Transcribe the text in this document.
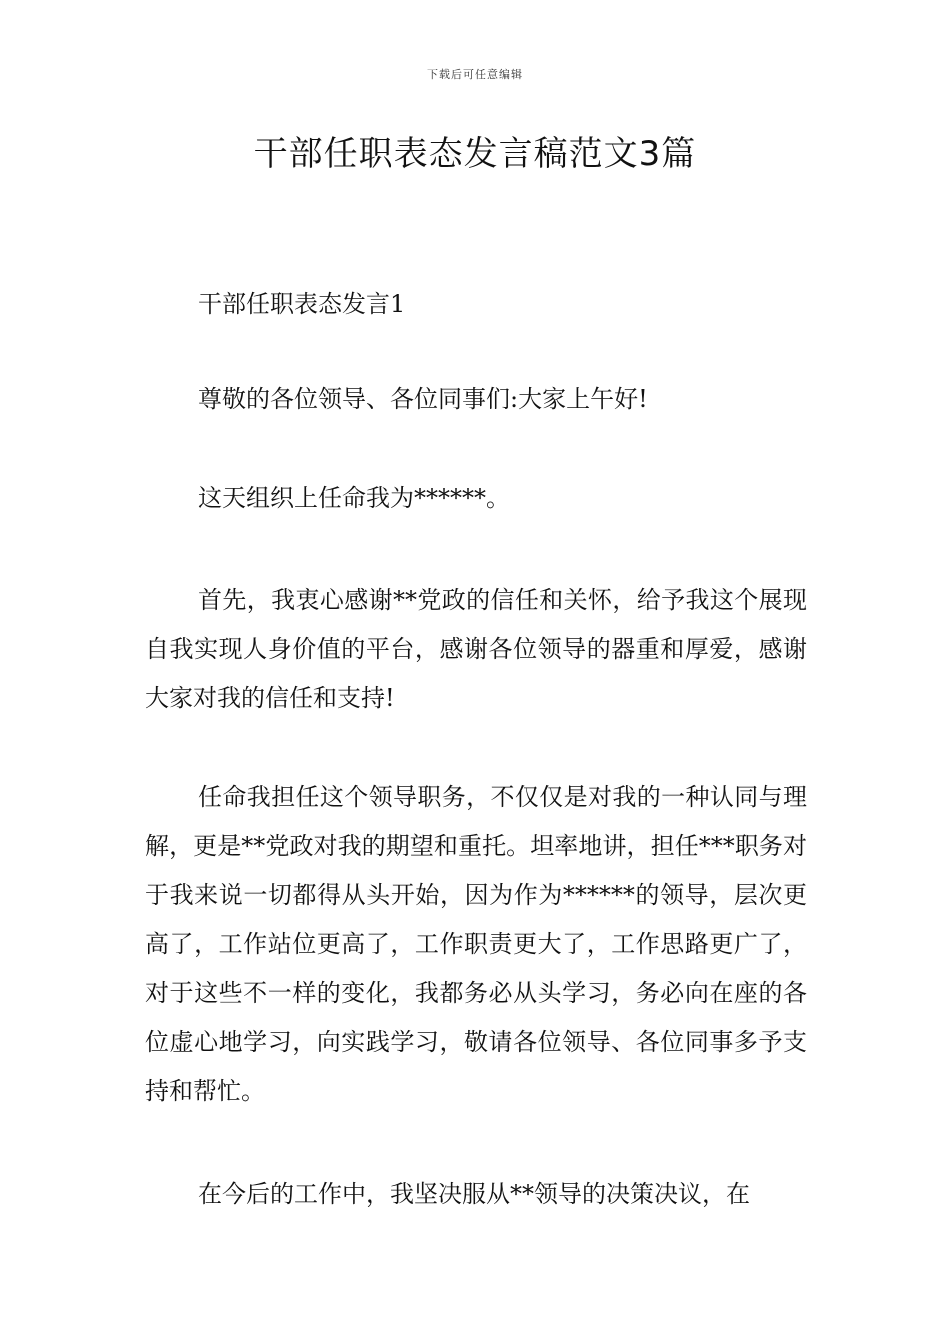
下载后可任意编辑
干部任职表态发言稿范文3篇

干部任职表态发言1

尊敬的各位领导、各位同事们:大家上午好!

这天组织上任命我为******。

首先，我衷心感谢**党政的信任和关怀，给予我这个展现自我实现人身价值的平台，感谢各位领导的器重和厚爱，感谢大家对我的信任和支持!

任命我担任这个领导职务，不仅仅是对我的一种认同与理解，更是**党政对我的期望和重托。坦率地讲，担任***职务对于我来说一切都得从头开始，因为作为******的领导，层次更高了，工作站位更高了，工作职责更大了，工作思路更广了，对于这些不一样的变化，我都务必从头学习，务必向在座的各位虚心地学习，向实践学习，敬请各位领导、各位同事多予支持和帮忙。

在今后的工作中，我坚决服从**领导的决策决议，在
